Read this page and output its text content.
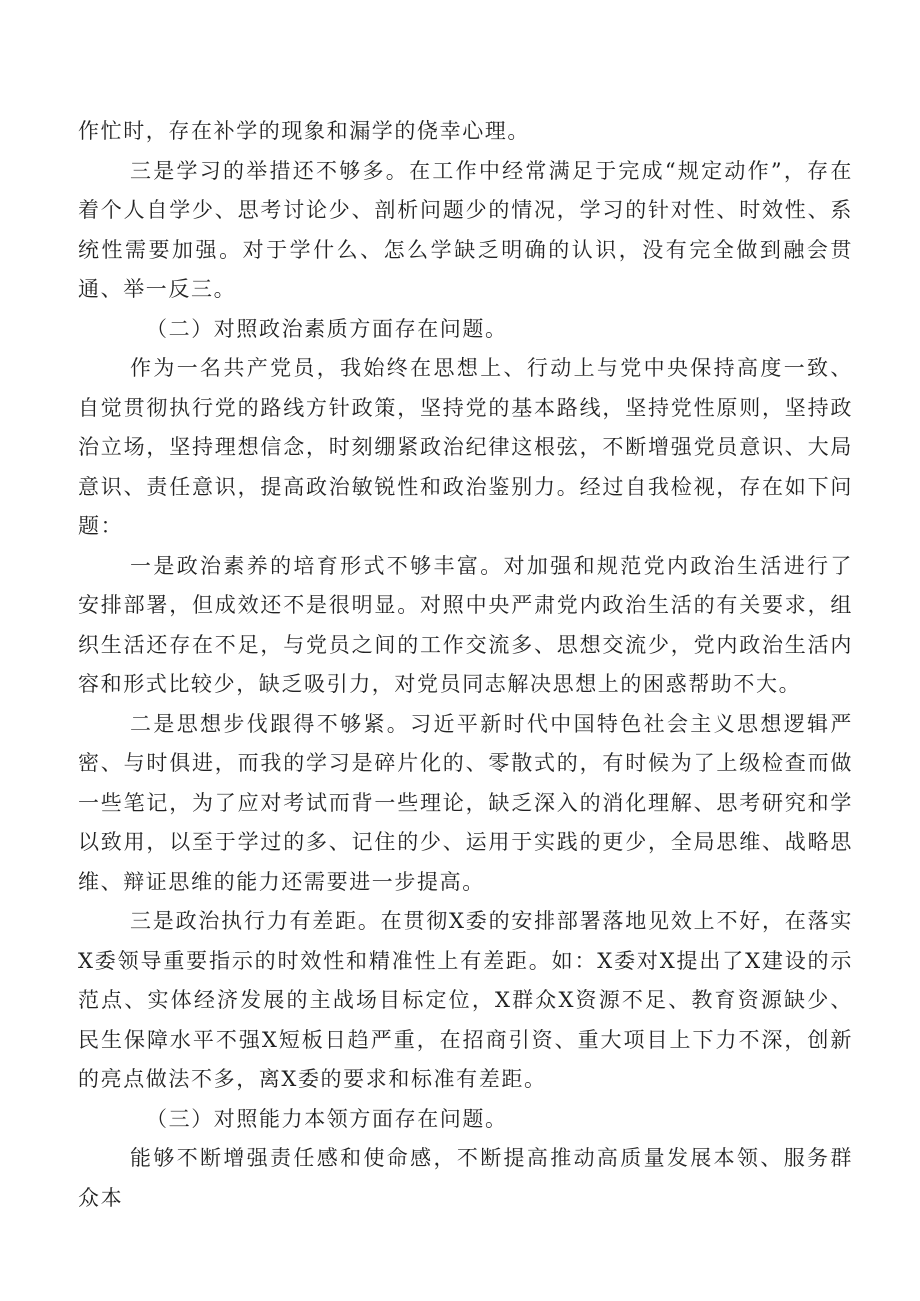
作忙时，存在补学的现象和漏学的侥幸心理。

三是学习的举措还不够多。在工作中经常满足于完成“规定动作”，存在着个人自学少、思考讨论少、剖析问题少的情况，学习的针对性、时效性、系统性需要加强。对于学什么、怎么学缺乏明确的认识，没有完全做到融会贯通、举一反三。

（二）对照政治素质方面存在问题。

作为一名共产党员，我始终在思想上、行动上与党中央保持高度一致、自觉贯彻执行党的路线方针政策，坚持党的基本路线，坚持党性原则，坚持政治立场，坚持理想信念，时刻绷紧政治纪律这根弦，不断增强党员意识、大局意识、责任意识，提高政治敏锐性和政治鉴别力。经过自我检视，存在如下问题：

一是政治素养的培育形式不够丰富。对加强和规范党内政治生活进行了安排部署，但成效还不是很明显。对照中央严肃党内政治生活的有关要求，组织生活还存在不足，与党员之间的工作交流多、思想交流少，党内政治生活内容和形式比较少，缺乏吸引力，对党员同志解决思想上的困惑帮助不大。

二是思想步伐跟得不够紧。习近平新时代中国特色社会主义思想逻辑严密、与时俱进，而我的学习是碎片化的、零散式的，有时候为了上级检查而做一些笔记，为了应对考试而背一些理论，缺乏深入的消化理解、思考研究和学以致用，以至于学过的多、记住的少、运用于实践的更少，全局思维、战略思维、辩证思维的能力还需要进一步提高。

三是政治执行力有差距。在贯彻X委的安排部署落地见效上不好，在落实X委领导重要指示的时效性和精准性上有差距。如：X委对X提出了X建设的示范点、实体经济发展的主战场目标定位，X群众X资源不足、教育资源缺少、民生保障水平不强X短板日趋严重，在招商引资、重大项目上下力不深，创新的亮点做法不多，离X委的要求和标准有差距。

（三）对照能力本领方面存在问题。

能够不断增强责任感和使命感，不断提高推动高质量发展本领、服务群众本
